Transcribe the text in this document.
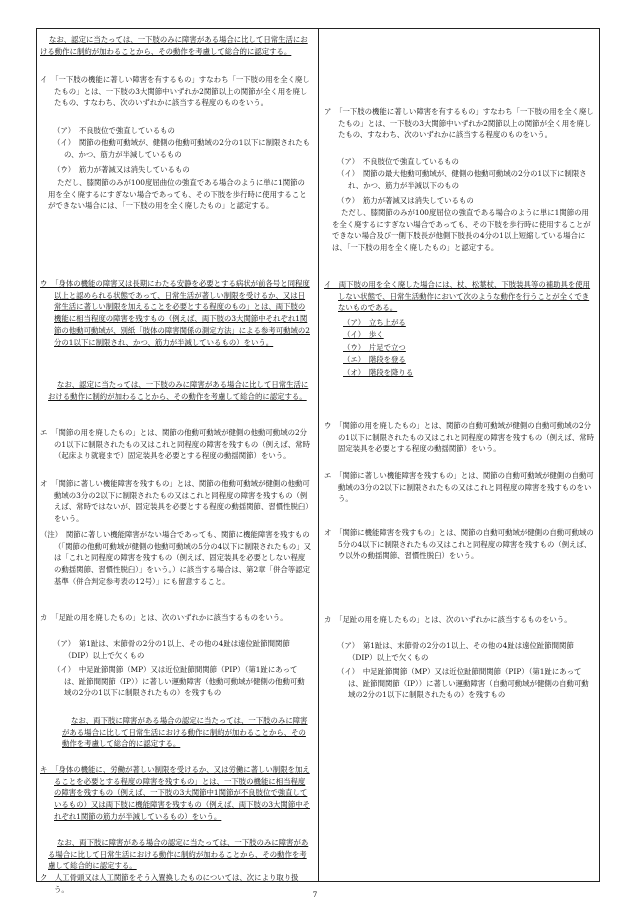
なお、認定に当たっては、一下肢のみに障害がある場合に比して日常生活における動作に制約が加わることから、その動作を考慮して総合的に認定する。

イ　「一下肢の機能に著しい障害を有するもの」すなわち「一下肢の用を全く廃したもの」とは、一下肢の3大関節中いずれか2関節以上の関節が全く用を廃したもの、すなわち、次のいずれかに該当する程度のものをいう。

（ア）　不良肢位で強直しているもの

（イ）　関節の他動可動域が、健側の他動可動域の2分の1以下に制限されたもの、かつ、筋力が半減しているもの

（ウ）　筋力が著減又は消失しているもの

ただし、膝関節のみが100度屈曲位の強直である場合のように単に1関節の用を全く廃するにすぎない場合であっても、その下肢を歩行時に使用することができない場合には、「一下肢の用を全く廃したもの」と認定する。

ウ　「身体の機能の障害又は長期にわたる安静を必要とする病状が前各号と同程度以上と認められる状態であって、日常生活が著しい制限を受けるか、又は日常生活に著しい制限を加えることを必要とする程度のもの」とは、両下肢の機能に相当程度の障害を残すもの（例えば、両下肢の3大関節中それぞれ1関節の他動可動域が、別紙「肢体の障害関係の測定方法」による参考可動域の2分の1以下に制限され、かつ、筋力が半減しているもの）をいう。

なお、認定に当たっては、一下肢のみに障害がある場合に比して日常生活における動作に制約が加わることから、その動作を考慮して総合的に認定する。

エ　「関節の用を廃したもの」とは、関節の他動可動域が健側の他動可動域の2分の1以下に制限されたもの又はこれと同程度の障害を残すもの（例えば、常時（起床より就寝まで）固定装具を必要とする程度の動揺関節）をいう。

オ　「関節に著しい機能障害を残すもの」とは、関節の他動可動域が健側の他動可動域の3分の2以下に制限されたもの又はこれと同程度の障害を残すもの（例えば、常時ではないが、固定装具を必要とする程度の動揺関節、習慣性脱臼）をいう。

（注）　関節に著しい機能障害がない場合であっても、関節に機能障害を残すもの（「関節の他動可動域が健側の他動可動域の5分の4以下に制限されたもの」又は「これと同程度の障害を残すもの（例えば、固定装具を必要としない程度の動揺関節、習慣性脱臼）」をいう。）に該当する場合は、第2章「併合等認定基準（併合判定参考表の12号）」にも留意すること。

カ　「足趾の用を廃したもの」とは、次のいずれかに該当するものをいう。

（ア）　第1趾は、末節骨の2分の1以上、その他の4趾は遠位趾節間関節（DIP）以上で欠くもの

（イ）　中足趾節関節（MP）又は近位趾節間関節（PIP）（第1趾にあっては、趾節間関節（IP））に著しい運動障害（他動可動域が健側の他動可動域の2分の1以下に制限されたもの）を残すもの

なお、両下肢に障害がある場合の認定に当たっては、一下肢のみに障害がある場合に比して日常生活における動作に制約が加わることから、その動作を考慮して総合的に認定する。

キ　「身体の機能に、労働が著しい制限を受けるか、又は労働に著しい制限を加えることを必要とする程度の障害を残すもの」とは、一下肢の機能に相当程度の障害を残すもの（例えば、一下肢の3大関節中1関節が不良肢位で強直しているもの）又は両下肢に機能障害を残すもの（例えば、両下肢の3大関節中それぞれ1関節の筋力が半減しているもの）をいう。

なお、両下肢に障害がある場合の認定に当たっては、一下肢のみに障害がある場合に比して日常生活における動作に制約が加わることから、その動作を考慮して総合的に認定する。

ク　人工骨頭又は人工関節をそう入置換したものについては、次により取り扱う。

ア　「一下肢の機能に著しい障害を有するもの」すなわち「一下肢の用を全く廃したもの」とは、一下肢の3大関節中いずれか2関節以上の関節が全く用を廃したもの、すなわち、次のいずれかに該当する程度のものをいう。

（ア）　不良肢位で強直しているもの

（イ）　関節の最大他動可動域が、健側の他動可動域の2分の1以下に制限され、かつ、筋力が半減以下のもの

（ウ）　筋力が著減又は消失しているもの

ただし、膝関節のみが100度屈位の強直である場合のように単に1関節の用を全く廃するにすぎない場合であっても、その下肢を歩行時に使用することができない場合及び一側下肢長が他側下肢長の4分の1以上短縮している場合には、「一下肢の用を全く廃したもの」と認定する。

イ　両下肢の用を全く廃した場合には、杖、松葉杖、下肢装具等の補助具を使用しない状態で、日常生活動作において次のような動作を行うことが全くできないものである。

（ア）　立ち上がる

（イ）　歩く

（ウ）　片足で立つ

（エ）　階段を登る

（オ）　階段を降りる

ウ　「関節の用を廃したもの」とは、関節の自動可動域が健側の自動可動域の2分の1以下に制限されたもの又はこれと同程度の障害を残すもの（例えば、常時固定装具を必要とする程度の動揺関節）をいう。

エ　「関節に著しい機能障害を残すもの」とは、関節の自動可動域が健側の自動可動域の3分の2以下に制限されたもの又はこれと同程度の障害を残すものをいう。

オ　「関節に機能障害を残すもの」とは、関節の自動可動域が健側の自動可動域の5分の4以下に制限されたもの又はこれと同程度の障害を残すもの（例えば、ウ以外の動揺関節、習慣性脱臼）をいう。

カ　「足趾の用を廃したもの」とは、次のいずれかに該当するものをいう。

（ア）　第1趾は、末節骨の2分の1以上、その他の4趾は遠位趾節間関節（DIP）以上で欠くもの

（イ）　中足趾節関節（MP）又は近位趾節間関節（PIP）（第1趾にあっては、趾節間関節（IP））に著しい運動障害（自動可動域が健側の自動可動域の2分の1以下に制限されたもの）を残すもの

7
